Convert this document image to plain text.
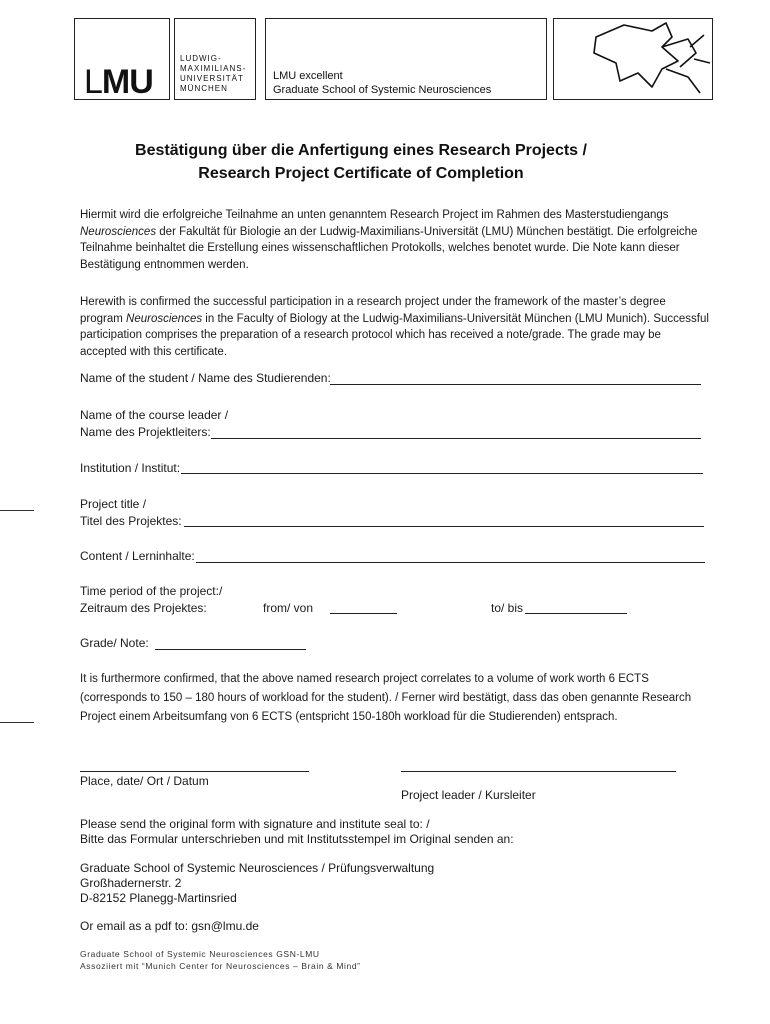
LMU
LUDWIG-
MAXIMILIANS-
UNIVERSITÄT
MÜNCHEN
LMU excellent
Graduate School of Systemic Neurosciences
Bestätigung über die Anfertigung eines Research Projects /
Research Project Certificate of Completion
Hiermit wird die erfolgreiche Teilnahme an unten genanntem Research Project im Rahmen des Masterstudiengangs Neurosciences der Fakultät für Biologie an der Ludwig-Maximilians-Universität (LMU) München bestätigt. Die erfolgreiche Teilnahme beinhaltet die Erstellung eines wissenschaftlichen Protokolls, welches benotet wurde. Die Note kann dieser Bestätigung entnommen werden.
Herewith is confirmed the successful participation in a research project under the framework of the master’s degree program Neurosciences in the Faculty of Biology at the Ludwig-Maximilians-Universität München (LMU Munich). Successful participation comprises the preparation of a research protocol which has received a note/grade. The grade may be accepted with this certificate.
Name of the student / Name des Studierenden:
Name of the course leader /
Name des Projektleiters:
Institution / Institut:
Project title /
Titel des Projektes:
Content / Lerninhalte:
Time period of the project:/
Zeitraum des Projektes:	from/ von	to/ bis
Grade/ Note:
It is furthermore confirmed, that the above named research project correlates to a volume of work worth 6 ECTS (corresponds to 150 – 180 hours of workload for the student). / Ferner wird bestätigt, dass das oben genannte Research Project einem Arbeitsumfang von 6 ECTS (entspricht 150-180h workload für die Studierenden) entsprach.
Place, date/ Ort / Datum
Project leader / Kursleiter
Please send the original form with signature and institute seal to: /
Bitte das Formular unterschrieben und mit Institutsstempel im Original senden an:
Graduate School of Systemic Neurosciences / Prüfungsverwaltung
Großhadernerstr. 2
D-82152 Planegg-Martinsried
Or email as a pdf to: gsn@lmu.de
Graduate School of Systemic Neurosciences GSN-LMU
Assoziiert mit “Munich Center for Neurosciences – Brain & Mind”
